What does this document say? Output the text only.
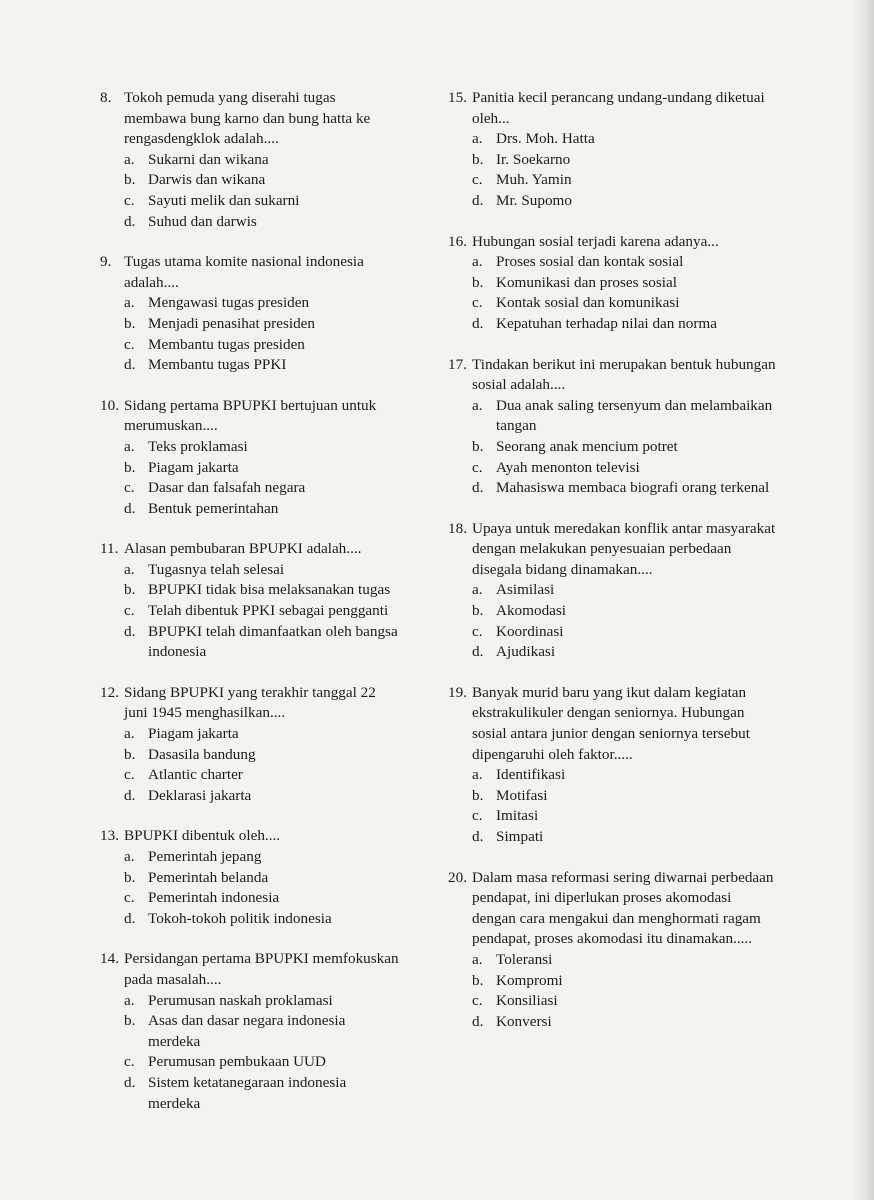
8. Tokoh pemuda yang diserahi tugas membawa bung karno dan bung hatta ke rengasdengklok adalah....
a. Sukarni dan wikana
b. Darwis dan wikana
c. Sayuti melik dan sukarni
d. Suhud dan darwis
9. Tugas utama komite nasional indonesia adalah....
a. Mengawasi tugas presiden
b. Menjadi penasihat presiden
c. Membantu tugas presiden
d. Membantu tugas PPKI
10. Sidang pertama BPUPKI bertujuan untuk merumuskan....
a. Teks proklamasi
b. Piagam jakarta
c. Dasar dan falsafah negara
d. Bentuk pemerintahan
11. Alasan pembubaran BPUPKI adalah....
a. Tugasnya telah selesai
b. BPUPKI tidak bisa melaksanakan tugas
c. Telah dibentuk PPKI sebagai pengganti
d. BPUPKI telah dimanfaatkan oleh bangsa indonesia
12. Sidang BPUPKI yang terakhir tanggal 22 juni 1945 menghasilkan....
a. Piagam jakarta
b. Dasasila bandung
c. Atlantic charter
d. Deklarasi jakarta
13. BPUPKI dibentuk oleh....
a. Pemerintah jepang
b. Pemerintah belanda
c. Pemerintah indonesia
d. Tokoh-tokoh politik indonesia
14. Persidangan pertama BPUPKI memfokuskan pada masalah....
a. Perumusan naskah proklamasi
b. Asas dan dasar negara indonesia merdeka
c. Perumusan pembukaan UUD
d. Sistem ketatanegaraan indonesia merdeka
15. Panitia kecil perancang undang-undang diketuai oleh...
a. Drs. Moh. Hatta
b. Ir. Soekarno
c. Muh. Yamin
d. Mr. Supomo
16. Hubungan sosial terjadi karena adanya...
a. Proses sosial dan kontak sosial
b. Komunikasi dan proses sosial
c. Kontak sosial dan komunikasi
d. Kepatuhan terhadap nilai dan norma
17. Tindakan berikut ini merupakan bentuk hubungan sosial adalah....
a. Dua anak saling tersenyum dan melambaikan tangan
b. Seorang anak mencium potret
c. Ayah menonton televisi
d. Mahasiswa membaca biografi orang terkenal
18. Upaya untuk meredakan konflik antar masyarakat dengan melakukan penyesuaian perbedaan disegala bidang dinamakan....
a. Asimilasi
b. Akomodasi
c. Koordinasi
d. Ajudikasi
19. Banyak murid baru yang ikut dalam kegiatan ekstrakulikuler dengan seniornya. Hubungan sosial antara junior dengan seniornya tersebut dipengaruhi oleh faktor.....
a. Identifikasi
b. Motifasi
c. Imitasi
d. Simpati
20. Dalam masa reformasi sering diwarnai perbedaan pendapat, ini diperlukan proses akomodasi dengan cara mengakui dan menghormati ragam pendapat, proses akomodasi itu dinamakan.....
a. Toleransi
b. Kompromi
c. Konsiliasi
d. Konversi
